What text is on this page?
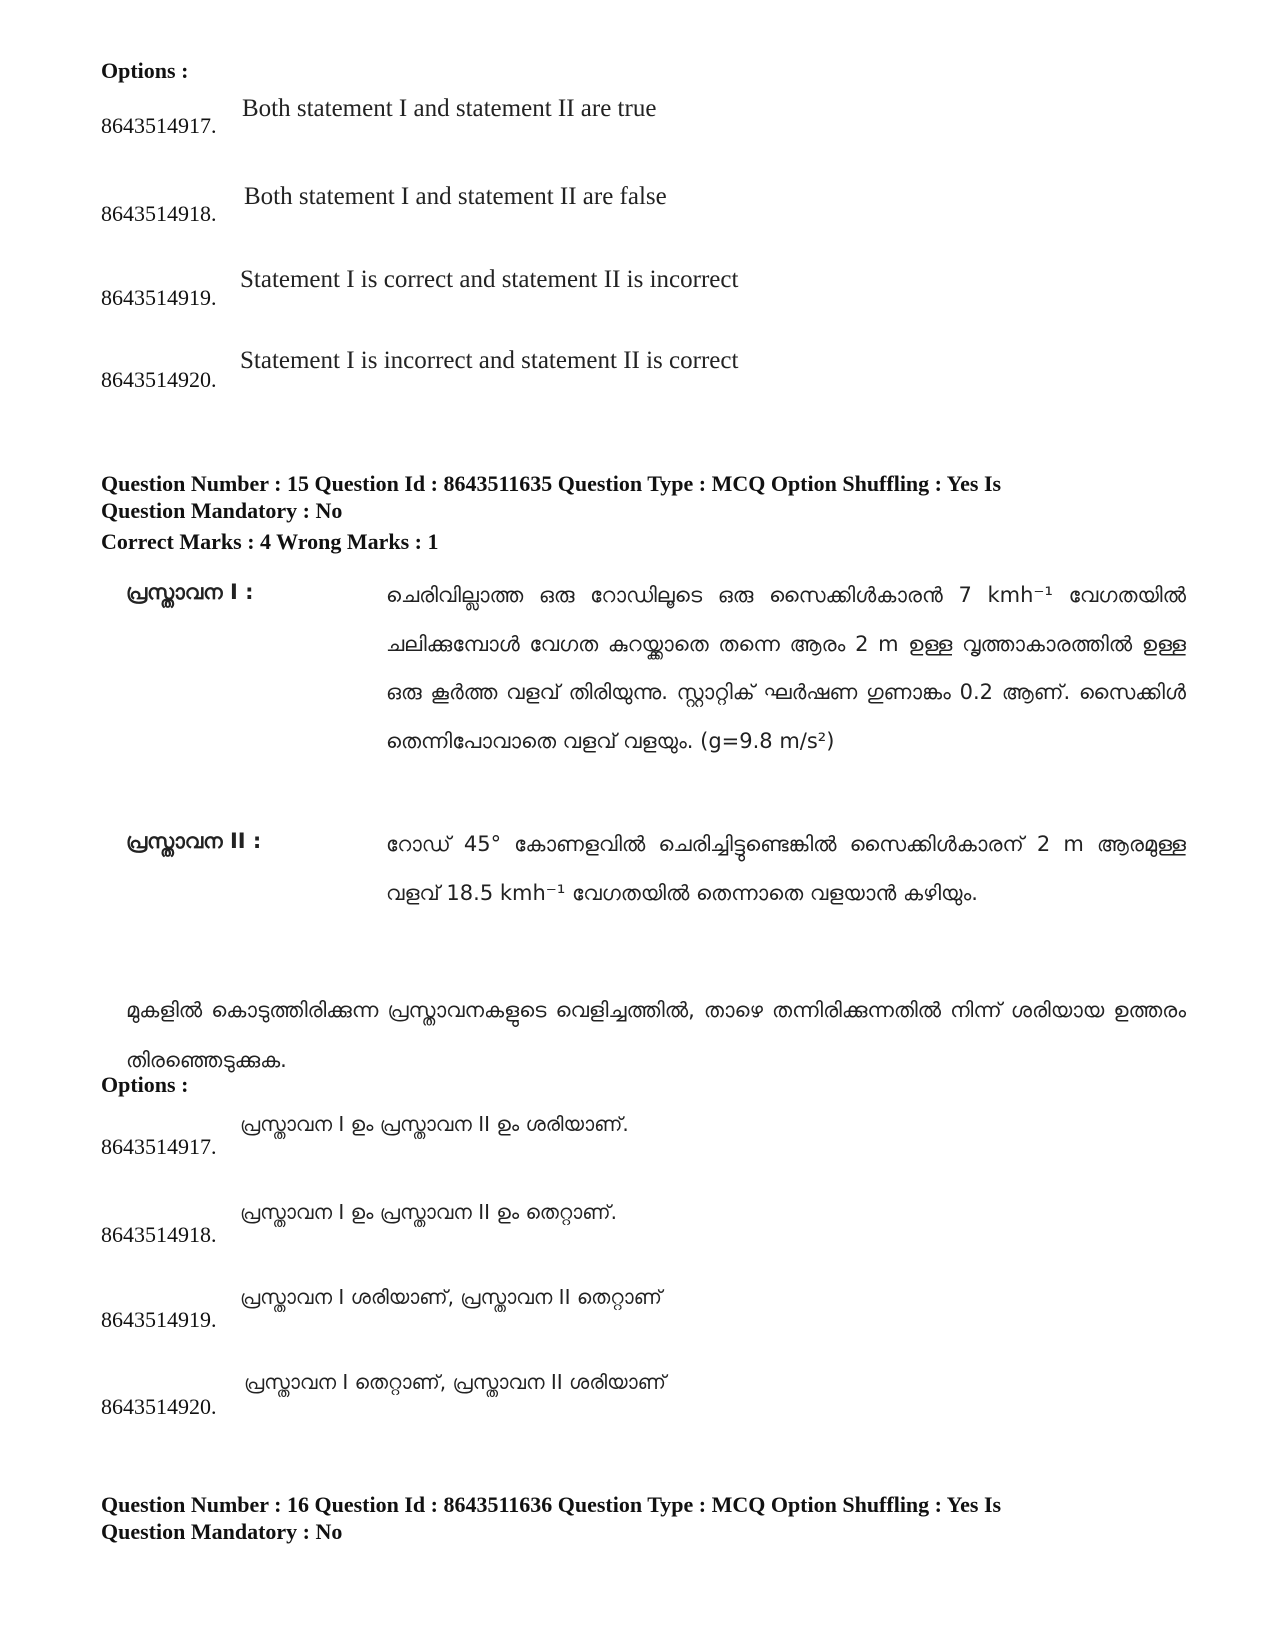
Options :
8643514917.
Both statement I and statement II are true
8643514918.
Both statement I and statement II are false
8643514919.
Statement I is correct and statement II is incorrect
8643514920.
Statement I is incorrect and statement II is correct
Question Number : 15 Question Id : 8643511635 Question Type : MCQ Option Shuffling : Yes Is
Question Mandatory : No
Correct Marks : 4 Wrong Marks : 1
പ്രസ്താവന I :	ചെരിവില്ലാത്ത ഒരു റോഡിലൂടെ ഒരു സൈക്കിൾകാരൻ 7 kmh⁻¹ വേഗതയിൽ ചലിക്കുമ്പോൾ വേഗത കുറയ്ക്കാതെ തന്നെ ആരം 2 m ഉള്ള വൃത്താകാരത്തിൽ ഉള്ള ഒരു കൂർത്ത വളവ് തിരിയുന്നു. സ്റ്റാറ്റിക് ഘർഷണ ഗുണാങ്കം 0.2 ആണ്. സൈക്കിൾ തെന്നിപോവാതെ വളവ് വളയും. (g=9.8 m/s²)
പ്രസ്താവന II :	റോഡ് 45° കോണളവിൽ ചെരിച്ചിട്ടുണ്ടെങ്കിൽ സൈക്കിൾകാരന് 2 m ആരമുള്ള വളവ് 18.5 kmh⁻¹ വേഗതയിൽ തെന്നാതെ വളയാൻ കഴിയും.
മുകളിൽ കൊടുത്തിരിക്കുന്ന പ്രസ്താവനകളുടെ വെളിച്ചത്തിൽ, താഴെ തന്നിരിക്കുന്നതിൽ നിന്ന് ശരിയായ ഉത്തരം തിരഞ്ഞെടുക്കുക.
Options :
8643514917.
പ്രസ്താവന I ഉം പ്രസ്താവന II ഉം ശരിയാണ്.
8643514918.
പ്രസ്താവന I ഉം പ്രസ്താവന II ഉം തെറ്റാണ്.
8643514919.
പ്രസ്താവന I ശരിയാണ്, പ്രസ്താവന II തെറ്റാണ്
8643514920.
പ്രസ്താവന I തെറ്റാണ്, പ്രസ്താവന II ശരിയാണ്
Question Number : 16 Question Id : 8643511636 Question Type : MCQ Option Shuffling : Yes Is
Question Mandatory : No
